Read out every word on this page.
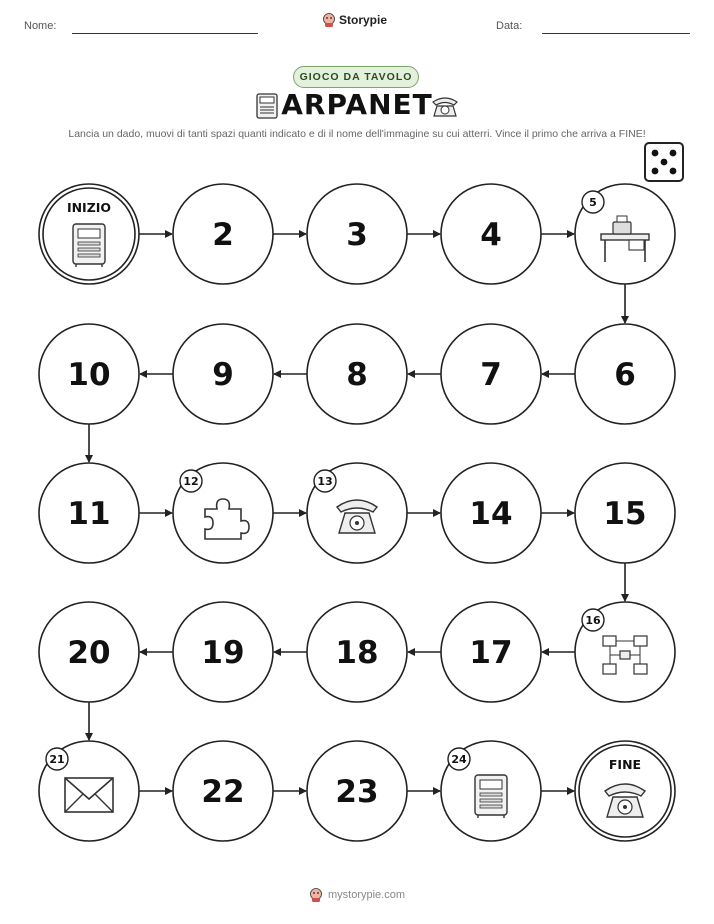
Nome:	Storypie	Data:
GIOCO DA TAVOLO
ARPANET
Lancia un dado, muovi di tanti spazi quanti indicato e di il nome dell'immagine su cui atterri. Vince il primo che arriva a FINE!
INIZIO
2	3	4
5
6
7
8
9
10
11
12	13
14	15
16
17
18
19
20
21
22	23
24	FINE
mystorypie.com
